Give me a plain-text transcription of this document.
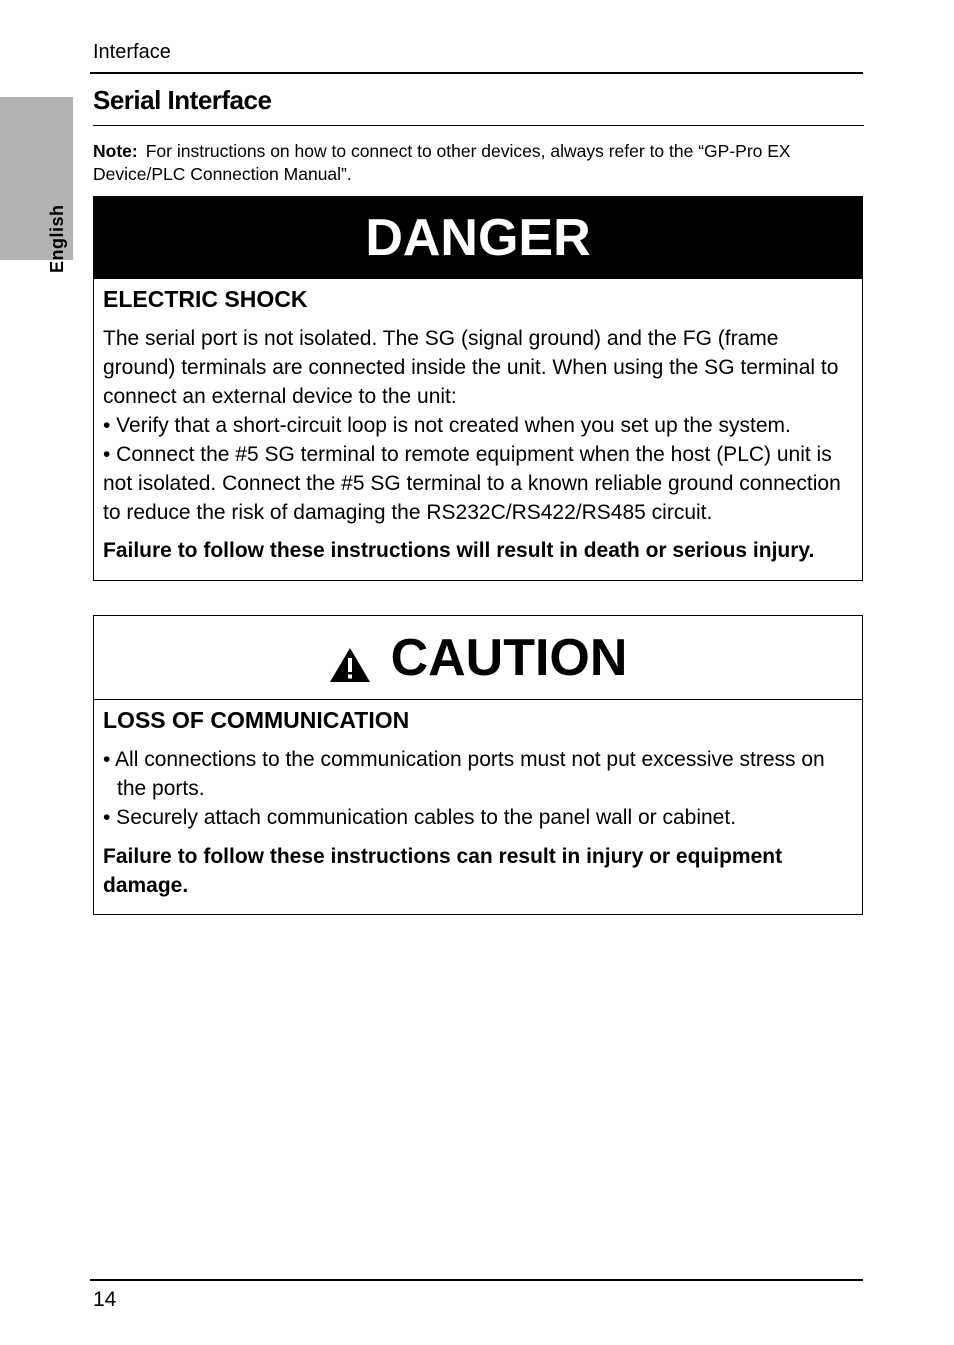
English
Interface
Serial Interface
Note: For instructions on how to connect to other devices, always refer to the “GP-Pro EX Device/PLC Connection Manual”.
DANGER
ELECTRIC SHOCK
The serial port is not isolated. The SG (signal ground) and the FG (frame ground) terminals are connected inside the unit. When using the SG terminal to connect an external device to the unit:
• Verify that a short-circuit loop is not created when you set up the system.
• Connect the #5 SG terminal to remote equipment when the host (PLC) unit is not isolated. Connect the #5 SG terminal to a known reliable ground connection to reduce the risk of damaging the RS232C/RS422/RS485 circuit.
Failure to follow these instructions will result in death or serious injury.
CAUTION
LOSS OF COMMUNICATION
• All connections to the communication ports must not put excessive stress on the ports.
• Securely attach communication cables to the panel wall or cabinet.
Failure to follow these instructions can result in injury or equipment damage.
14
